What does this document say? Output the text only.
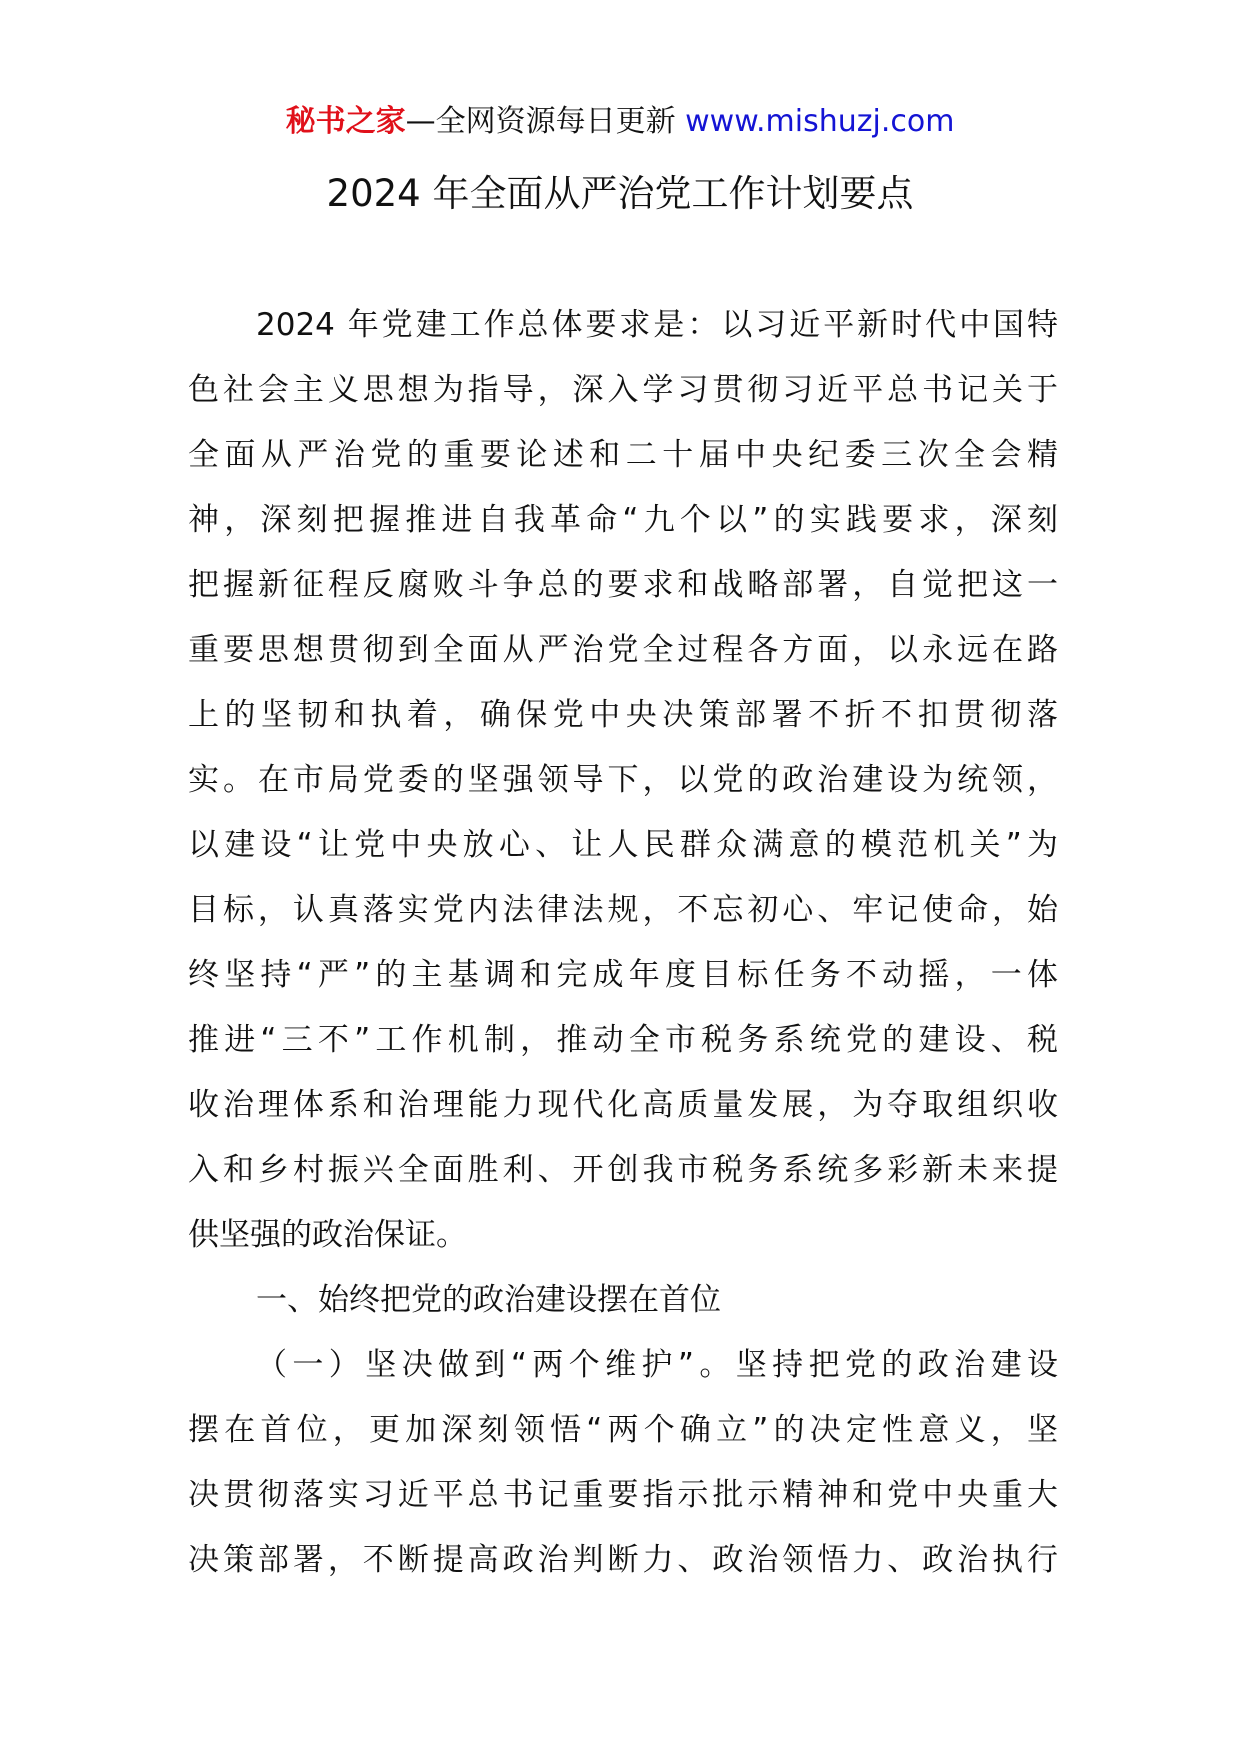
秘书之家—全网资源每日更新 www.mishuzj.com
2024 年全面从严治党工作计划要点
2024 年党建工作总体要求是：以习近平新时代中国特
色社会主义思想为指导，深入学习贯彻习近平总书记关于
全面从严治党的重要论述和二十届中央纪委三次全会精
神，深刻把握推进自我革命“九个以”的实践要求，深刻
把握新征程反腐败斗争总的要求和战略部署，自觉把这一
重要思想贯彻到全面从严治党全过程各方面，以永远在路
上的坚韧和执着，确保党中央决策部署不折不扣贯彻落
实。在市局党委的坚强领导下，以党的政治建设为统领，
以建设“让党中央放心、让人民群众满意的模范机关”为
目标，认真落实党内法律法规，不忘初心、牢记使命，始
终坚持“严”的主基调和完成年度目标任务不动摇，一体
推进“三不”工作机制，推动全市税务系统党的建设、税
收治理体系和治理能力现代化高质量发展，为夺取组织收
入和乡村振兴全面胜利、开创我市税务系统多彩新未来提
供坚强的政治保证。
一、始终把党的政治建设摆在首位
（一）坚决做到“两个维护”。坚持把党的政治建设
摆在首位，更加深刻领悟“两个确立”的决定性意义，坚
决贯彻落实习近平总书记重要指示批示精神和党中央重大
决策部署，不断提高政治判断力、政治领悟力、政治执行
